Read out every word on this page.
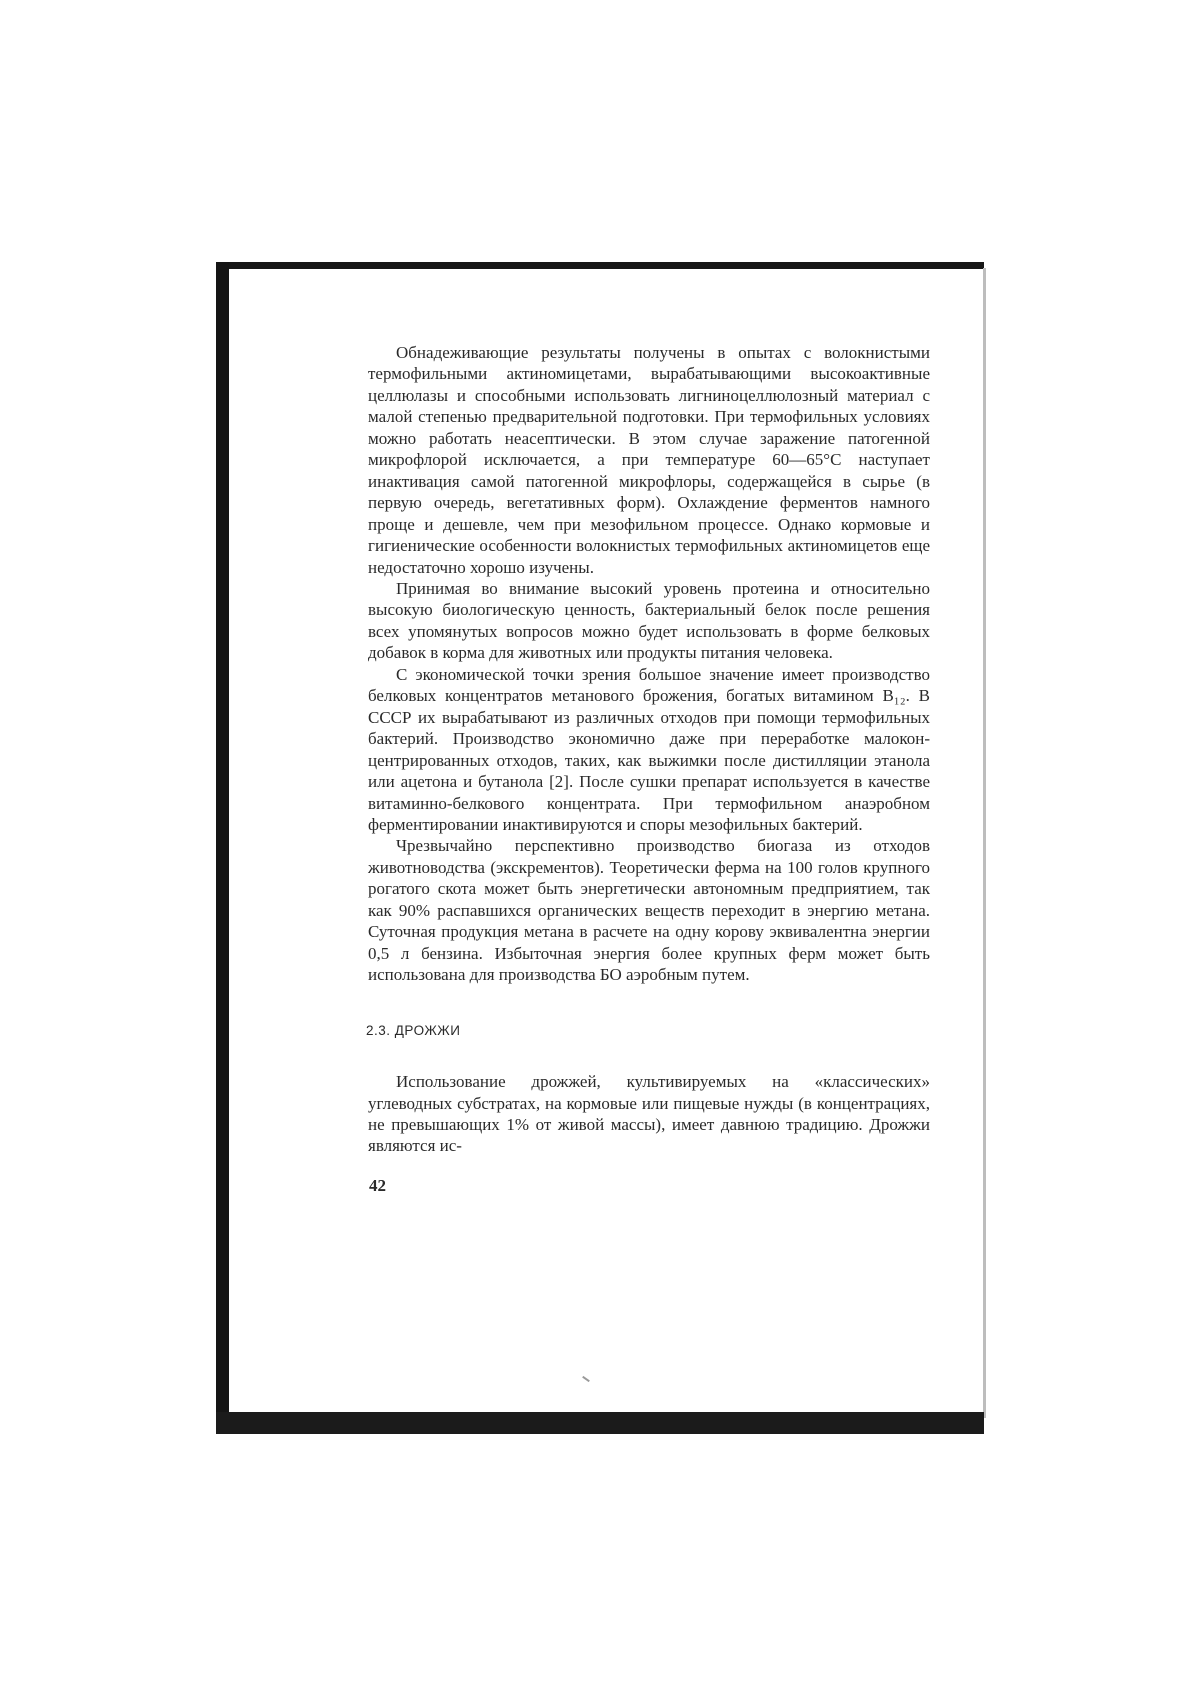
Обнадеживающие результаты получены в опытах с волокнистыми термофильными актиномицетами, вырабатывающими высокоактивные целлюлазы и способными использовать лигниноцеллюлозный материал с малой степенью предварительной подготовки. При термофильных условиях можно работать неасептически. В этом случае заражение патогенной микрофлорой исключается, а при температуре 60—65°С наступает инактивация самой патогенной микрофлоры, содержащейся в сырье (в первую очередь, вегетативных форм). Охлаждение ферментов намного проще и дешевле, чем при мезофильном процессе. Однако кормовые и гигиенические особенности волокнистых термофильных актиномицетов еще недостаточно хорошо изучены.

Принимая во внимание высокий уровень протеина и относительно высокую биологическую ценность, бактериальный белок после решения всех упомянутых вопросов можно будет использовать в форме белковых добавок в корма для животных или продукты питания человека.

С экономической точки зрения большое значение имеет производство белковых концентратов метанового брожения, богатых витамином B₁₂. В СССР их вырабатывают из различных отходов при помощи термофильных бактерий. Производство экономично даже при переработке малоконцентрированных отходов, таких, как выжимки после дистилляции этанола или ацетона и бутанола [2]. После сушки препарат используется в качестве витаминно-белкового концентрата. При термофильном анаэробном ферментировании инактивируются и споры мезофильных бактерий.

Чрезвычайно перспективно производство биогаза из отходов животноводства (экскрементов). Теоретически ферма на 100 голов крупного рогатого скота может быть энергетически автономным предприятием, так как 90% распавшихся органических веществ переходит в энергию метана. Суточная продукция метана в расчете на одну корову эквивалентна энергии 0,5 л бензина. Избыточная энергия более крупных ферм может быть использована для производства БО аэробным путем.

2.3. ДРОЖЖИ

Использование дрожжей, культивируемых на «классических» углеводных субстратах, на кормовые или пищевые нужды (в концентрациях, не превышающих 1% от живой массы), имеет давнюю традицию. Дрожжи являются ис-

42
